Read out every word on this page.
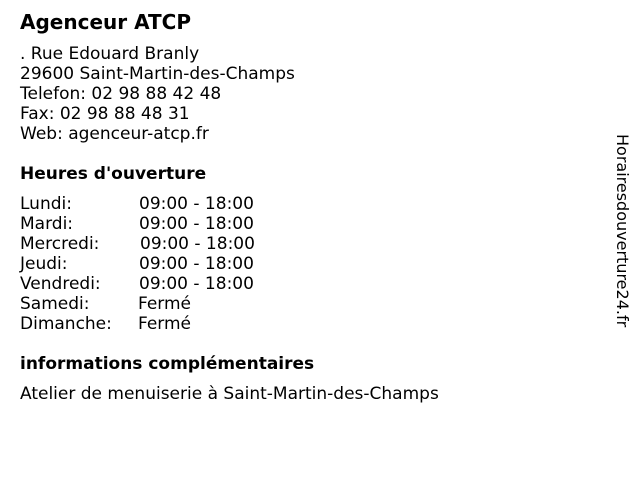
Agenceur ATCP
. Rue Edouard Branly
29600 Saint-Martin-des-Champs
Telefon: 02 98 88 42 48
Fax: 02 98 88 48 31
Web: agenceur-atcp.fr
Heures d'ouverture
Lundi:	09:00 - 18:00
Mardi:	09:00 - 18:00
Mercredi: 09:00 - 18:00
Jeudi:	09:00 - 18:00
Vendredi: 09:00 - 18:00
Samedi:	Fermé
Dimanche: Fermé
informations complémentaires
Atelier de menuiserie à Saint-Martin-des-Champs
Horairesdouverture24.fr
